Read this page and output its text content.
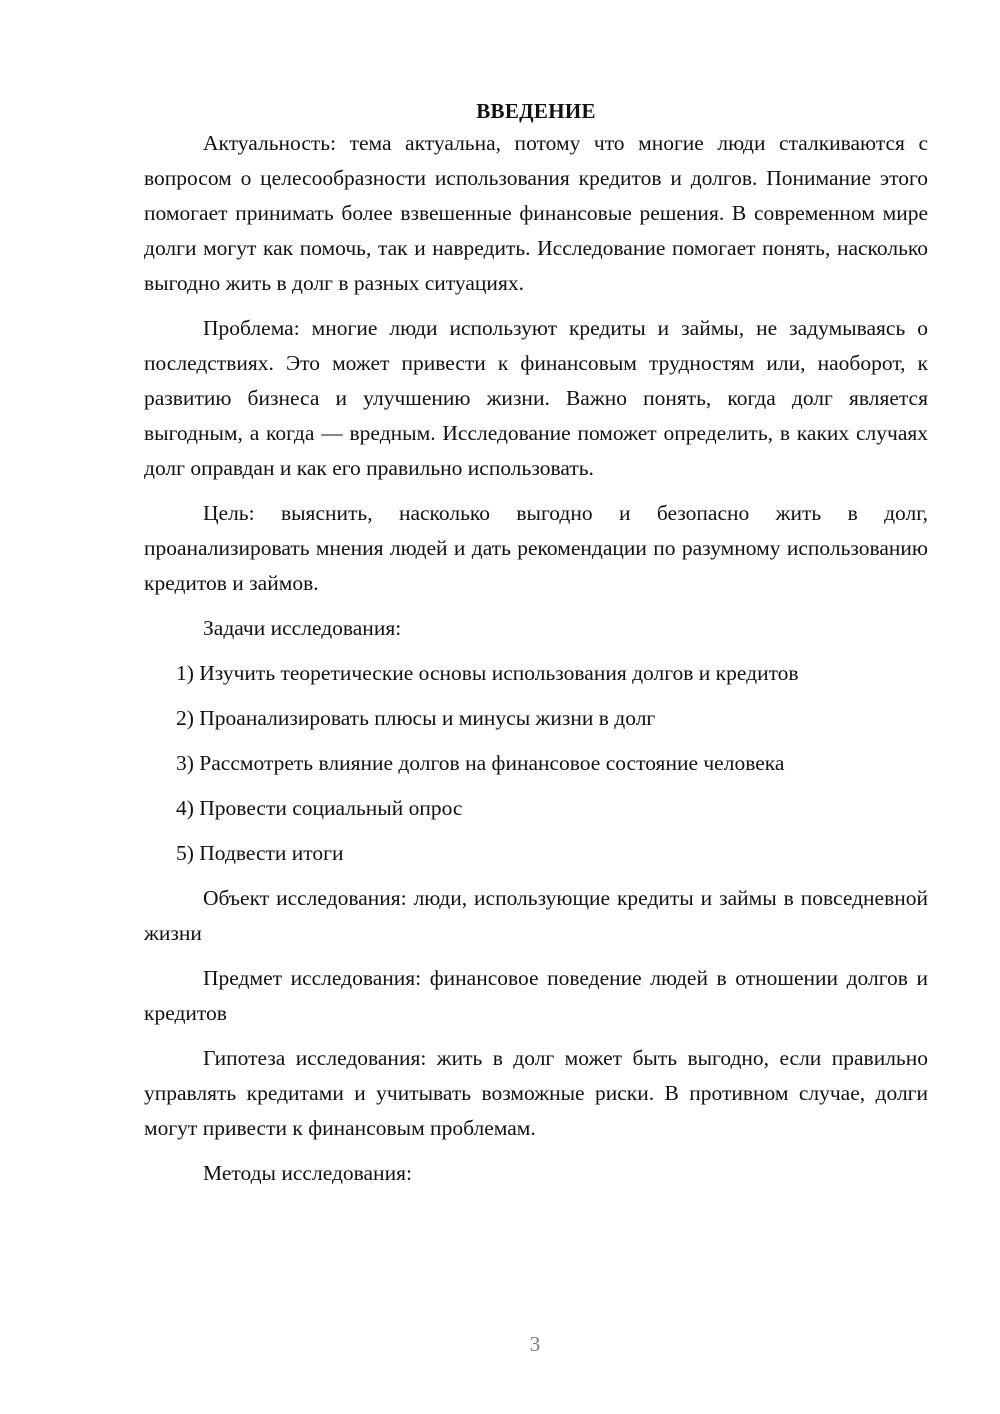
ВВЕДЕНИЕ

Актуальность: тема актуальна, потому что многие люди сталкиваются с вопросом о целесообразности использования кредитов и долгов. Понимание этого помогает принимать более взвешенные финансовые решения. В современном мире долги могут как помочь, так и навредить. Исследование помогает понять, насколько выгодно жить в долг в разных ситуациях.

Проблема: многие люди используют кредиты и займы, не задумываясь о последствиях. Это может привести к финансовым трудностям или, наоборот, к развитию бизнеса и улучшению жизни. Важно понять, когда долг является выгодным, а когда — вредным. Исследование поможет определить, в каких случаях долг оправдан и как его правильно использовать.

Цель: выяснить, насколько выгодно и безопасно жить в долг, проанализировать мнения людей и дать рекомендации по разумному использованию кредитов и займов.

Задачи исследования:

1) Изучить теоретические основы использования долгов и кредитов
2) Проанализировать плюсы и минусы жизни в долг
3) Рассмотреть влияние долгов на финансовое состояние человека
4) Провести социальный опрос
5) Подвести итоги

Объект исследования: люди, использующие кредиты и займы в повседневной жизни

Предмет исследования: финансовое поведение людей в отношении долгов и кредитов

Гипотеза исследования: жить в долг может быть выгодно, если правильно управлять кредитами и учитывать возможные риски. В противном случае, долги могут привести к финансовым проблемам.

Методы исследования:

3
